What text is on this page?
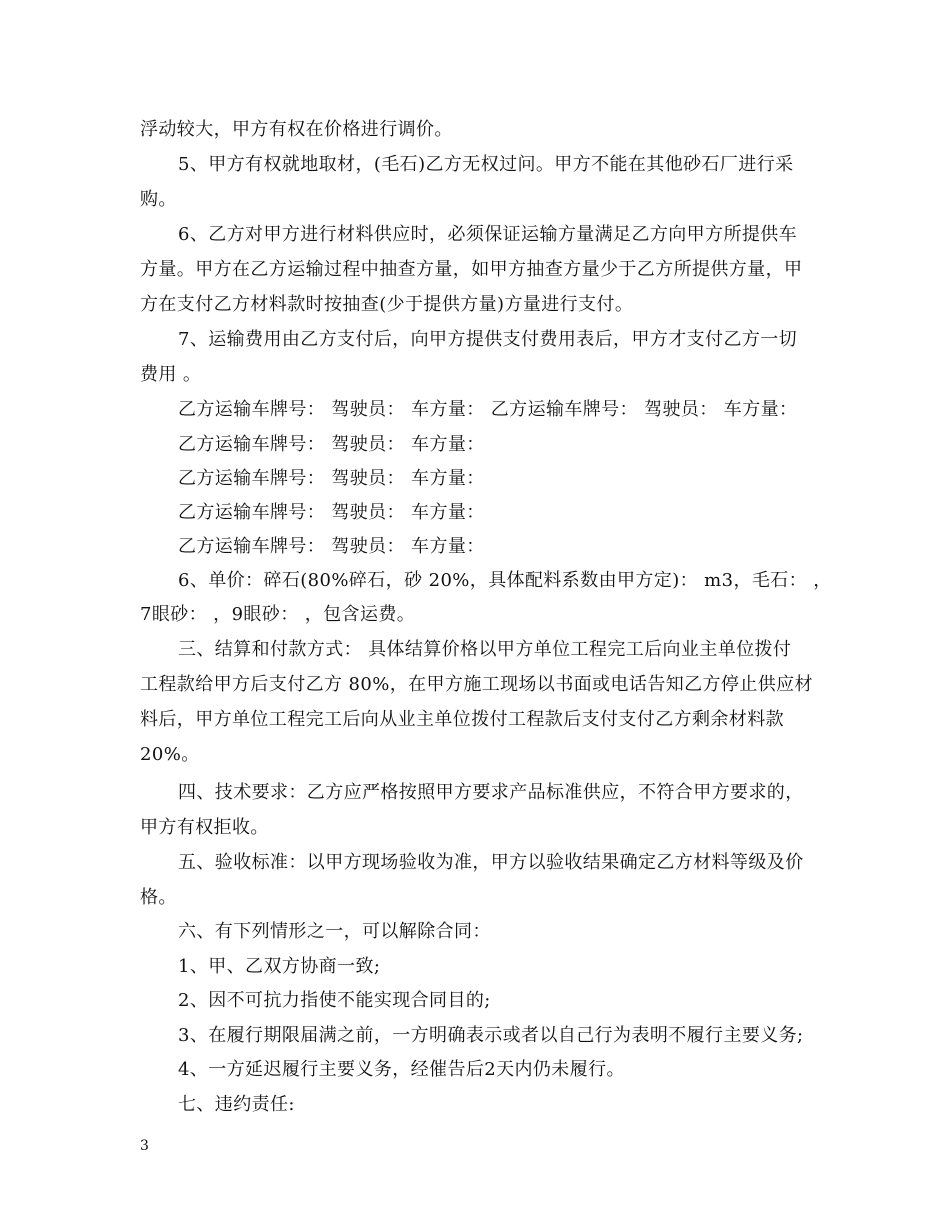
浮动较大，甲方有权在价格进行调价。
5、甲方有权就地取材，(毛石)乙方无权过问。甲方不能在其他砂石厂进行采
购。
6、乙方对甲方进行材料供应时，必须保证运输方量满足乙方向甲方所提供车
方量。甲方在乙方运输过程中抽查方量，如甲方抽查方量少于乙方所提供方量，甲
方在支付乙方材料款时按抽查(少于提供方量)方量进行支付。
7、运输费用由乙方支付后，向甲方提供支付费用表后，甲方才支付乙方一切
费用 。
乙方运输车牌号： 驾驶员： 车方量： 乙方运输车牌号： 驾驶员： 车方量：
乙方运输车牌号： 驾驶员： 车方量：
乙方运输车牌号： 驾驶员： 车方量：
乙方运输车牌号： 驾驶员： 车方量：
乙方运输车牌号： 驾驶员： 车方量：
6、单价：碎石(80%碎石，砂 20%，具体配料系数由甲方定)： m3，毛石： ，
7眼砂： ，9眼砂： ，包含运费。
三、结算和付款方式： 具体结算价格以甲方单位工程完工后向业主单位拨付
工程款给甲方后支付乙方 80%，在甲方施工现场以书面或电话告知乙方停止供应材
料后，甲方单位工程完工后向从业主单位拨付工程款后支付支付乙方剩余材料款
20%。
四、技术要求：乙方应严格按照甲方要求产品标准供应，不符合甲方要求的，
甲方有权拒收。
五、验收标准：以甲方现场验收为准，甲方以验收结果确定乙方材料等级及价
格。
六、有下列情形之一，可以解除合同：
1、甲、乙双方协商一致;
2、因不可抗力指使不能实现合同目的;
3、在履行期限届满之前，一方明确表示或者以自己行为表明不履行主要义务;
4、一方延迟履行主要义务，经催告后2天内仍未履行。
七、违约责任:
3
